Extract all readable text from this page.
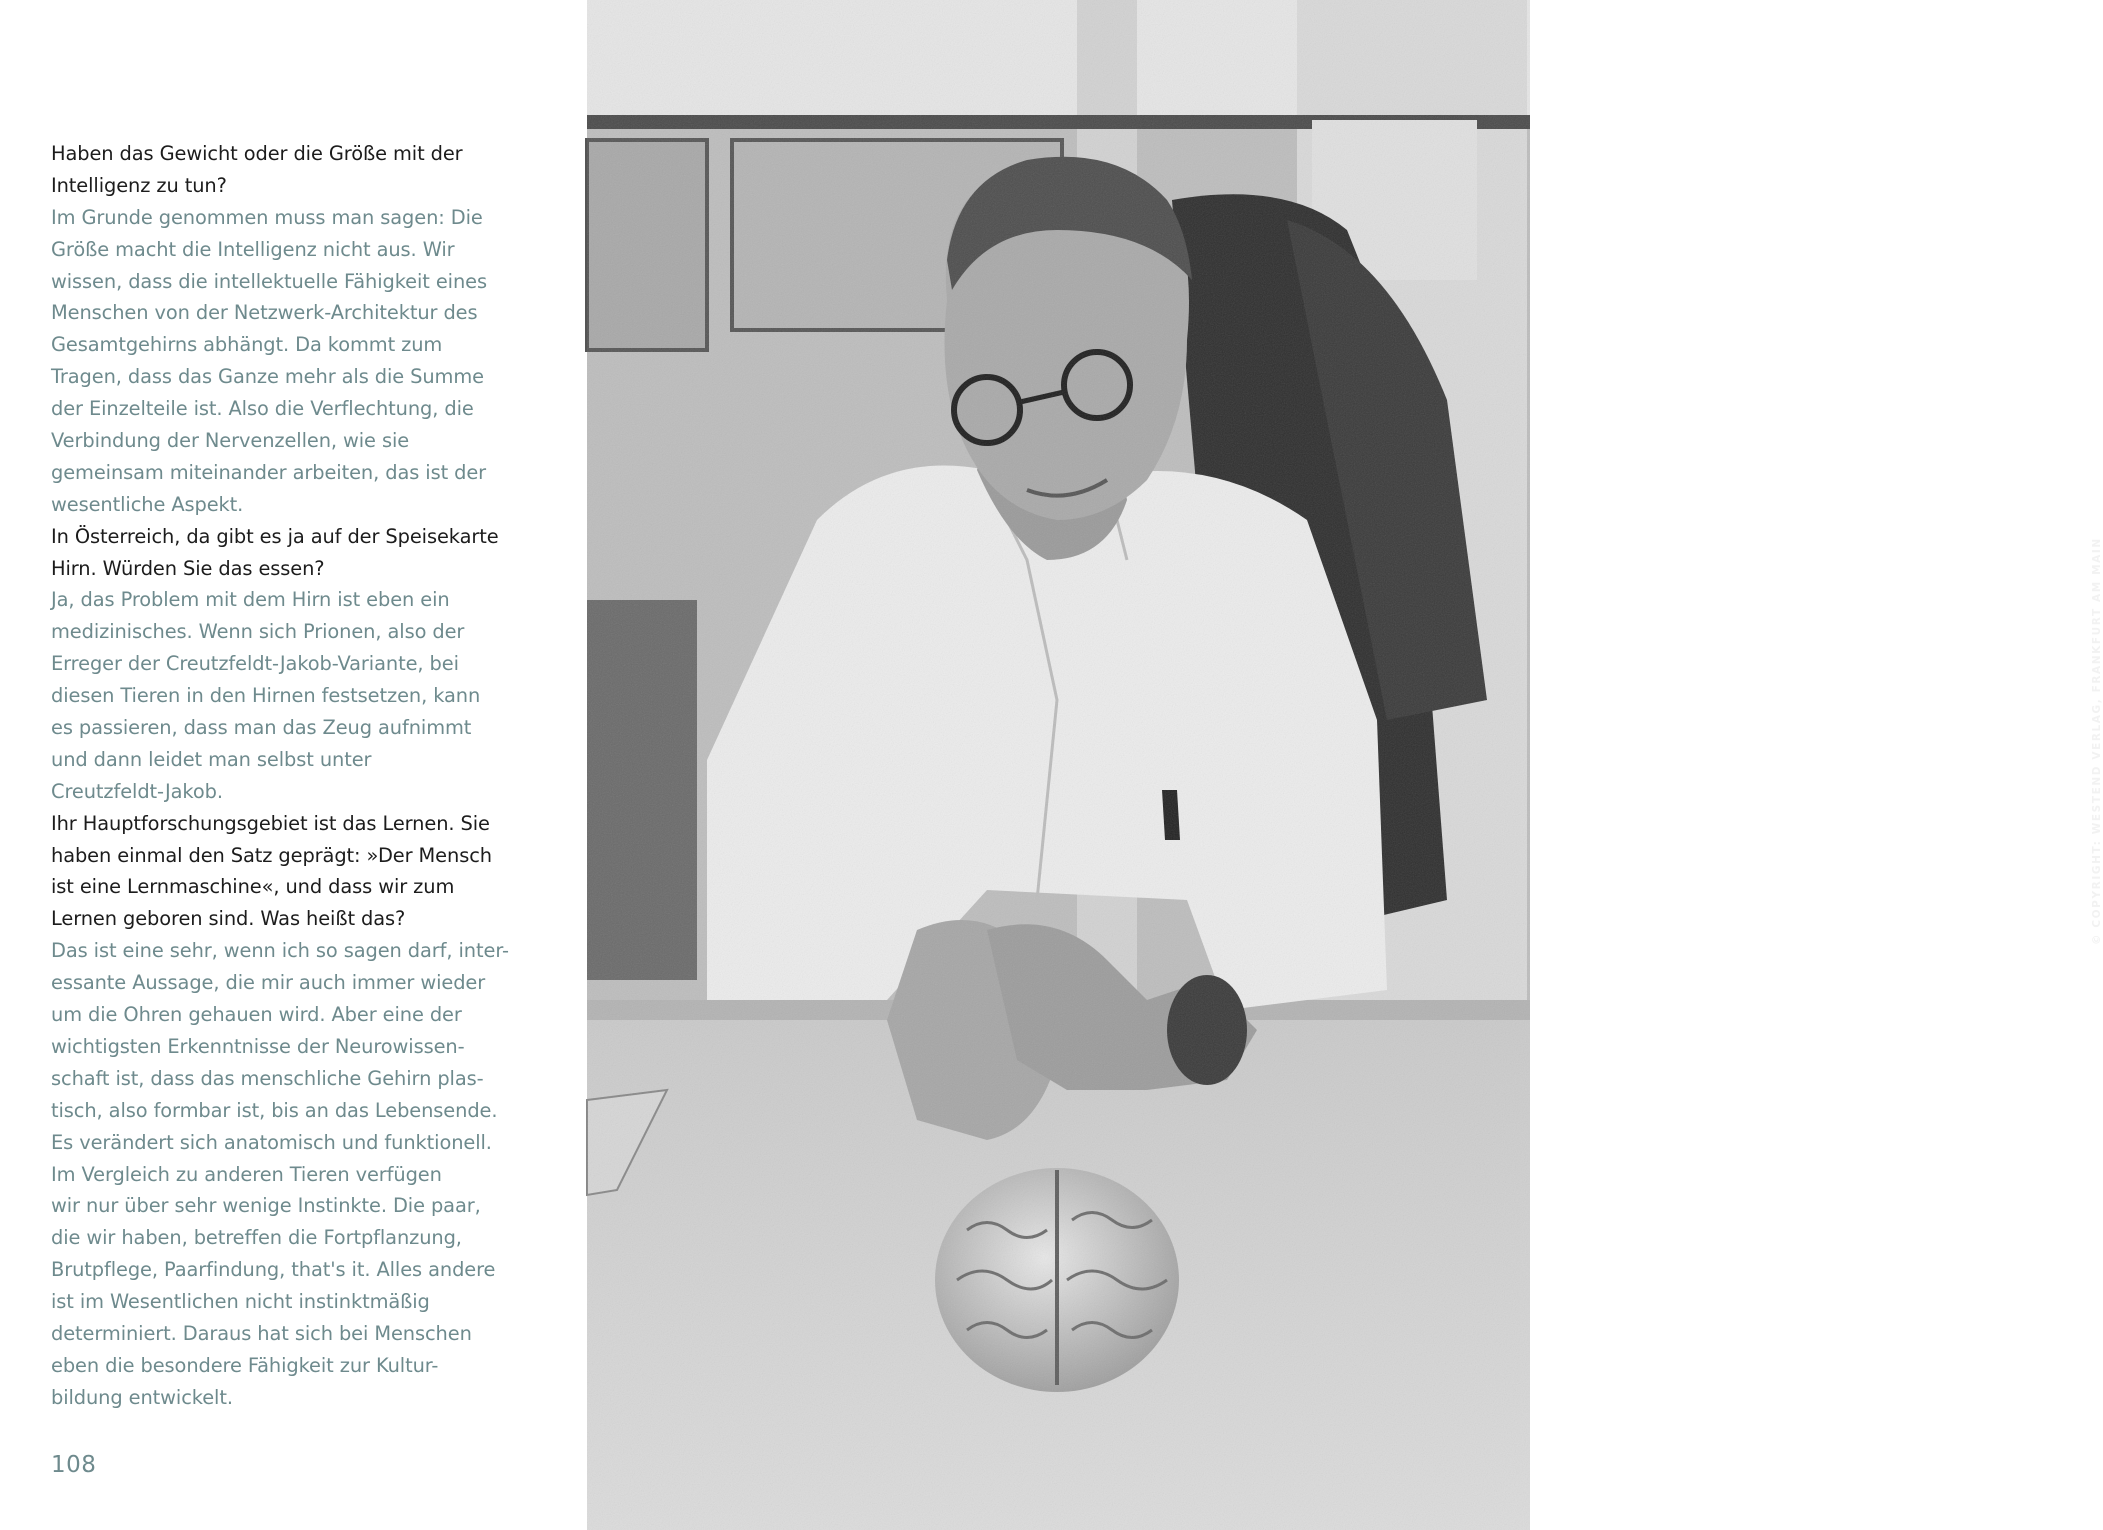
Haben das Gewicht oder die Größe mit der
Intelligenz zu tun?
Im Grunde genommen muss man sagen: Die
Größe macht die Intelligenz nicht aus. Wir
wissen, dass die intellektuelle Fähigkeit eines
Menschen von der Netzwerk-Architektur des
Gesamtgehirns abhängt. Da kommt zum
Tragen, dass das Ganze mehr als die Summe
der Einzelteile ist. Also die Verflechtung, die
Verbindung der Nervenzellen, wie sie
gemeinsam miteinander arbeiten, das ist der
wesentliche Aspekt.
In Österreich, da gibt es ja auf der Speisekarte
Hirn. Würden Sie das essen?
Ja, das Problem mit dem Hirn ist eben ein
medizinisches. Wenn sich Prionen, also der
Erreger der Creutzfeldt-Jakob-Variante, bei
diesen Tieren in den Hirnen festsetzen, kann
es passieren, dass man das Zeug aufnimmt
und dann leidet man selbst unter
Creutzfeldt-Jakob.
Ihr Hauptforschungsgebiet ist das Lernen. Sie
haben einmal den Satz geprägt: »Der Mensch
ist eine Lernmaschine«, und dass wir zum
Lernen geboren sind. Was heißt das?
Das ist eine sehr, wenn ich so sagen darf, inter-
essante Aussage, die mir auch immer wieder
um die Ohren gehauen wird. Aber eine der
wichtigsten Erkenntnisse der Neurowissen-
schaft ist, dass das menschliche Gehirn plas-
tisch, also formbar ist, bis an das Lebensende.
Es verändert sich anatomisch und funktionell.
Im Vergleich zu anderen Tieren verfügen
wir nur über sehr wenige Instinkte. Die paar,
die wir haben, betreffen die Fortpflanzung,
Brutpflege, Paarfindung, that's it. Alles andere
ist im Wesentlichen nicht instinktmäßig
determiniert. Daraus hat sich bei Menschen
eben die besondere Fähigkeit zur Kultur-
bildung entwickelt.
108
© COPYRIGHT: WESTEND VERLAG, FRANKFURT AM MAIN
